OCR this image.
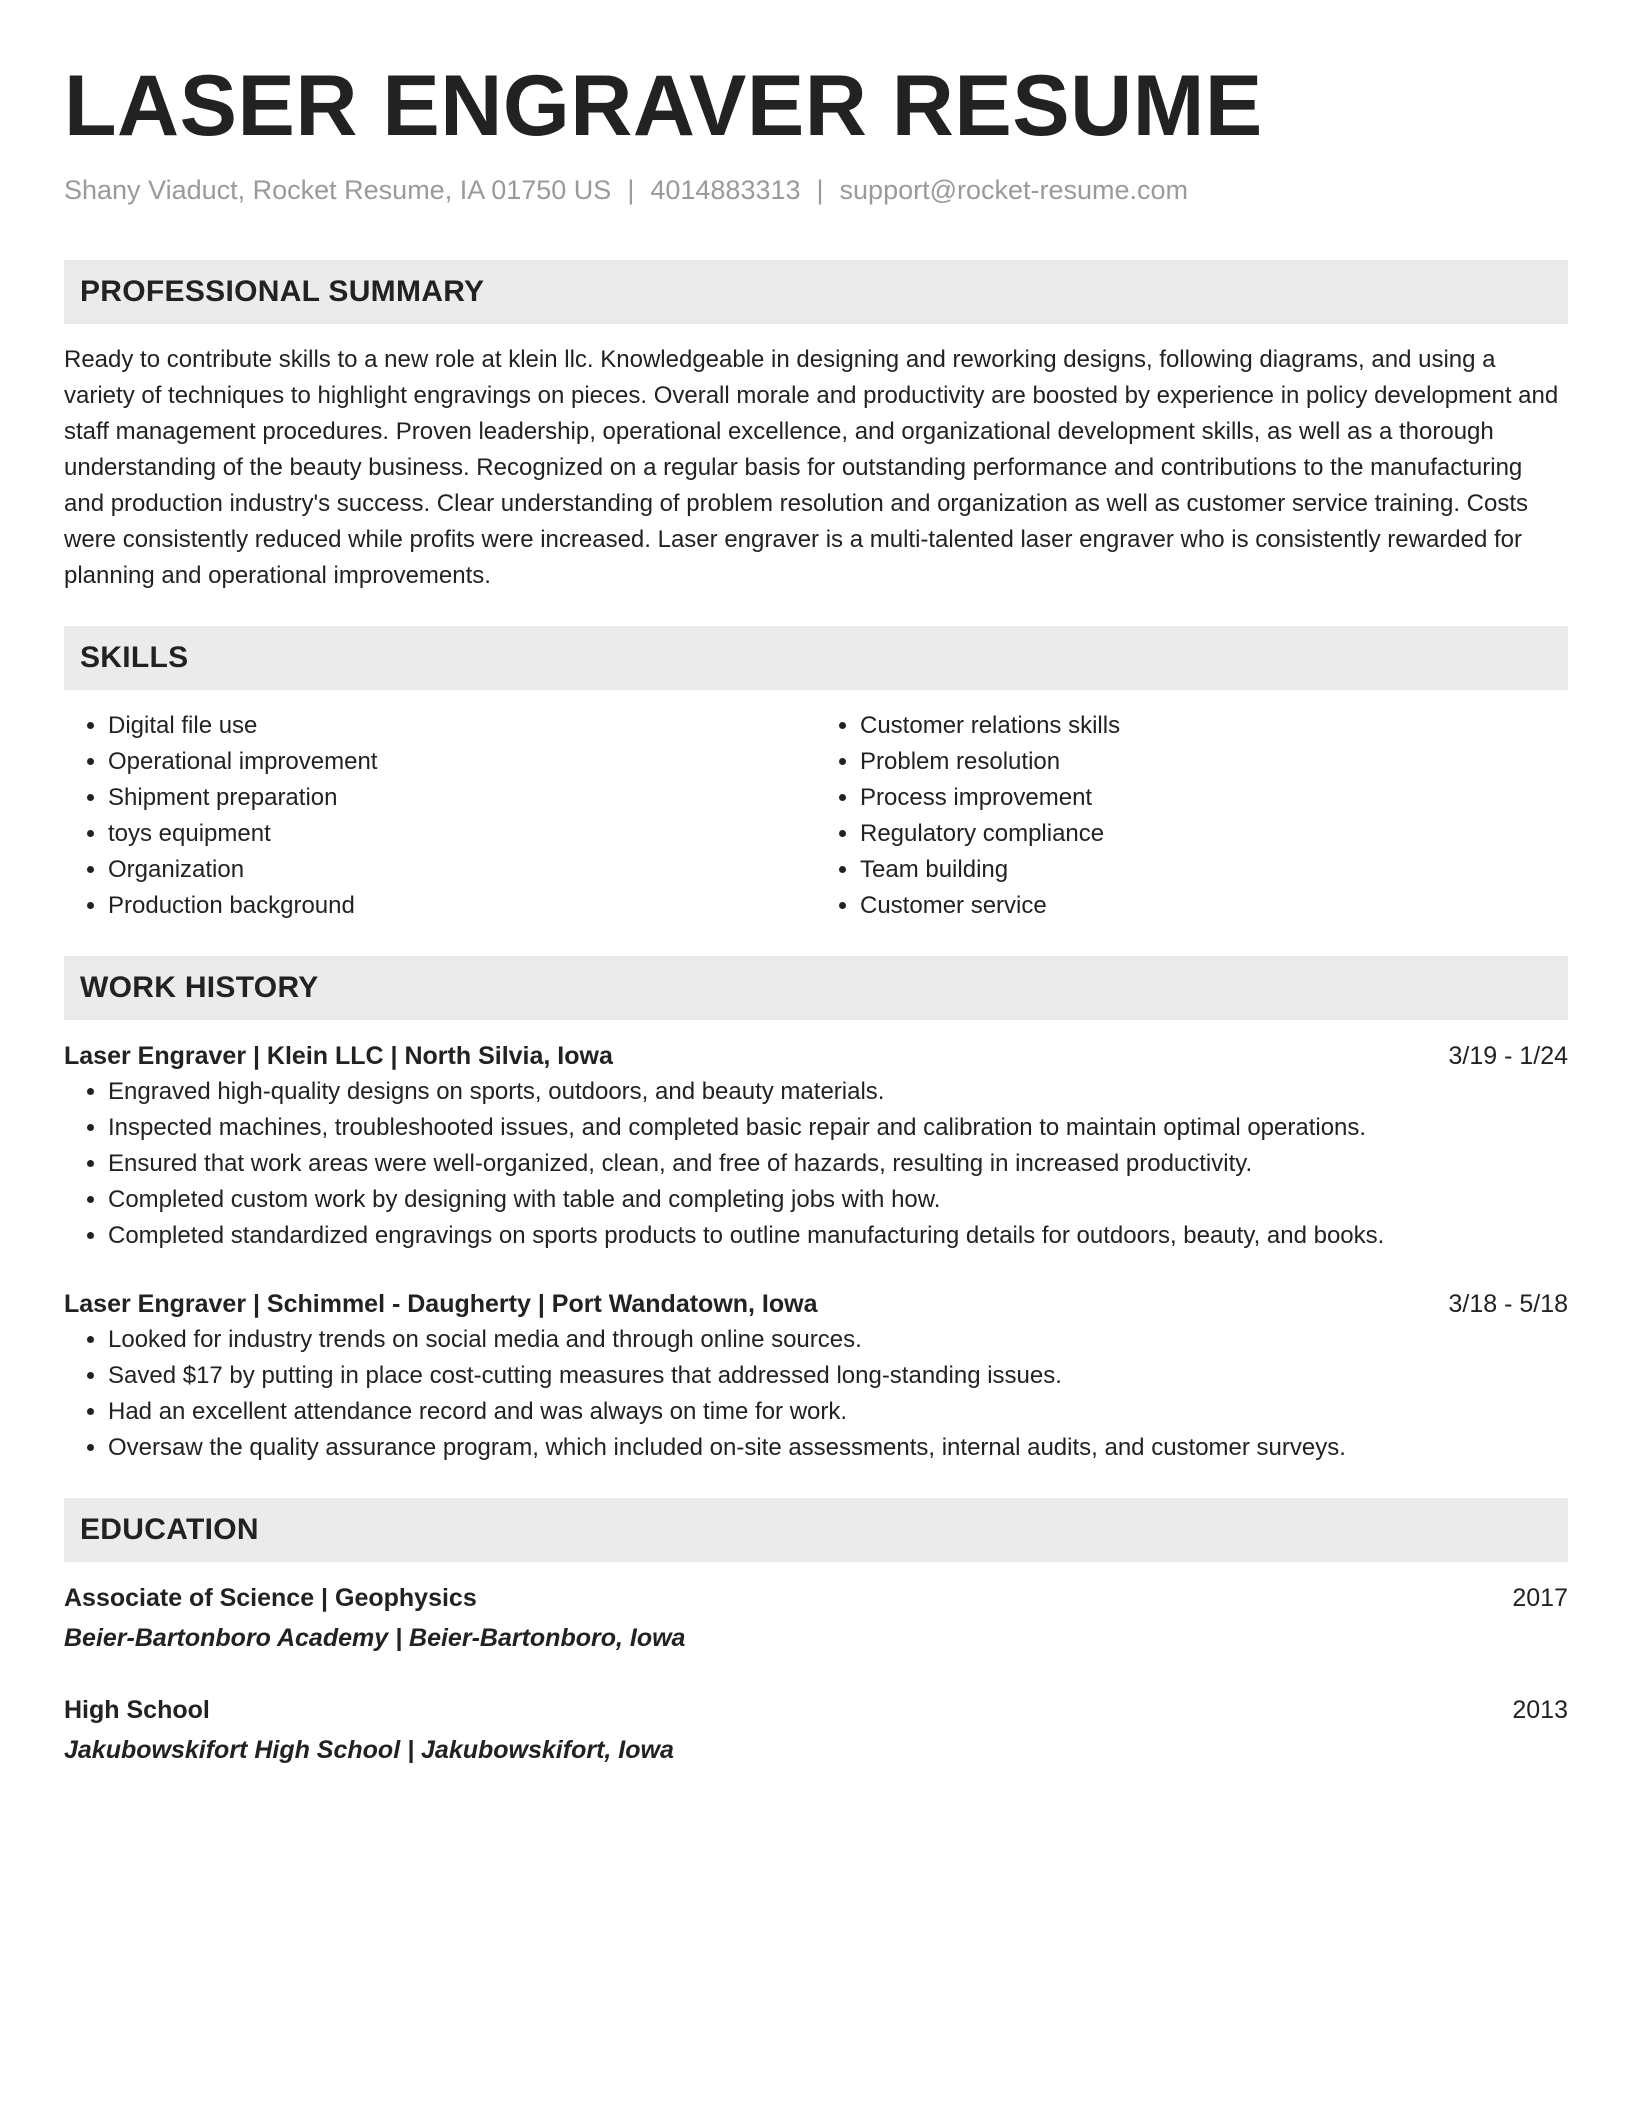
LASER ENGRAVER RESUME
Shany Viaduct, Rocket Resume, IA 01750 US | 4014883313 | support@rocket-resume.com
PROFESSIONAL SUMMARY
Ready to contribute skills to a new role at klein llc. Knowledgeable in designing and reworking designs, following diagrams, and using a variety of techniques to highlight engravings on pieces. Overall morale and productivity are boosted by experience in policy development and staff management procedures. Proven leadership, operational excellence, and organizational development skills, as well as a thorough understanding of the beauty business. Recognized on a regular basis for outstanding performance and contributions to the manufacturing and production industry's success. Clear understanding of problem resolution and organization as well as customer service training. Costs were consistently reduced while profits were increased. Laser engraver is a multi-talented laser engraver who is consistently rewarded for planning and operational improvements.
SKILLS
• Digital file use
• Operational improvement
• Shipment preparation
• toys equipment
• Organization
• Production background
• Customer relations skills
• Problem resolution
• Process improvement
• Regulatory compliance
• Team building
• Customer service
WORK HISTORY
Laser Engraver | Klein LLC | North Silvia, Iowa	3/19 - 1/24
• Engraved high-quality designs on sports, outdoors, and beauty materials.
• Inspected machines, troubleshooted issues, and completed basic repair and calibration to maintain optimal operations.
• Ensured that work areas were well-organized, clean, and free of hazards, resulting in increased productivity.
• Completed custom work by designing with table and completing jobs with how.
• Completed standardized engravings on sports products to outline manufacturing details for outdoors, beauty, and books.
Laser Engraver | Schimmel - Daugherty | Port Wandatown, Iowa	3/18 - 5/18
• Looked for industry trends on social media and through online sources.
• Saved $17 by putting in place cost-cutting measures that addressed long-standing issues.
• Had an excellent attendance record and was always on time for work.
• Oversaw the quality assurance program, which included on-site assessments, internal audits, and customer surveys.
EDUCATION
Associate of Science | Geophysics	2017
Beier-Bartonboro Academy | Beier-Bartonboro, Iowa
High School	2013
Jakubowskifort High School | Jakubowskifort, Iowa
